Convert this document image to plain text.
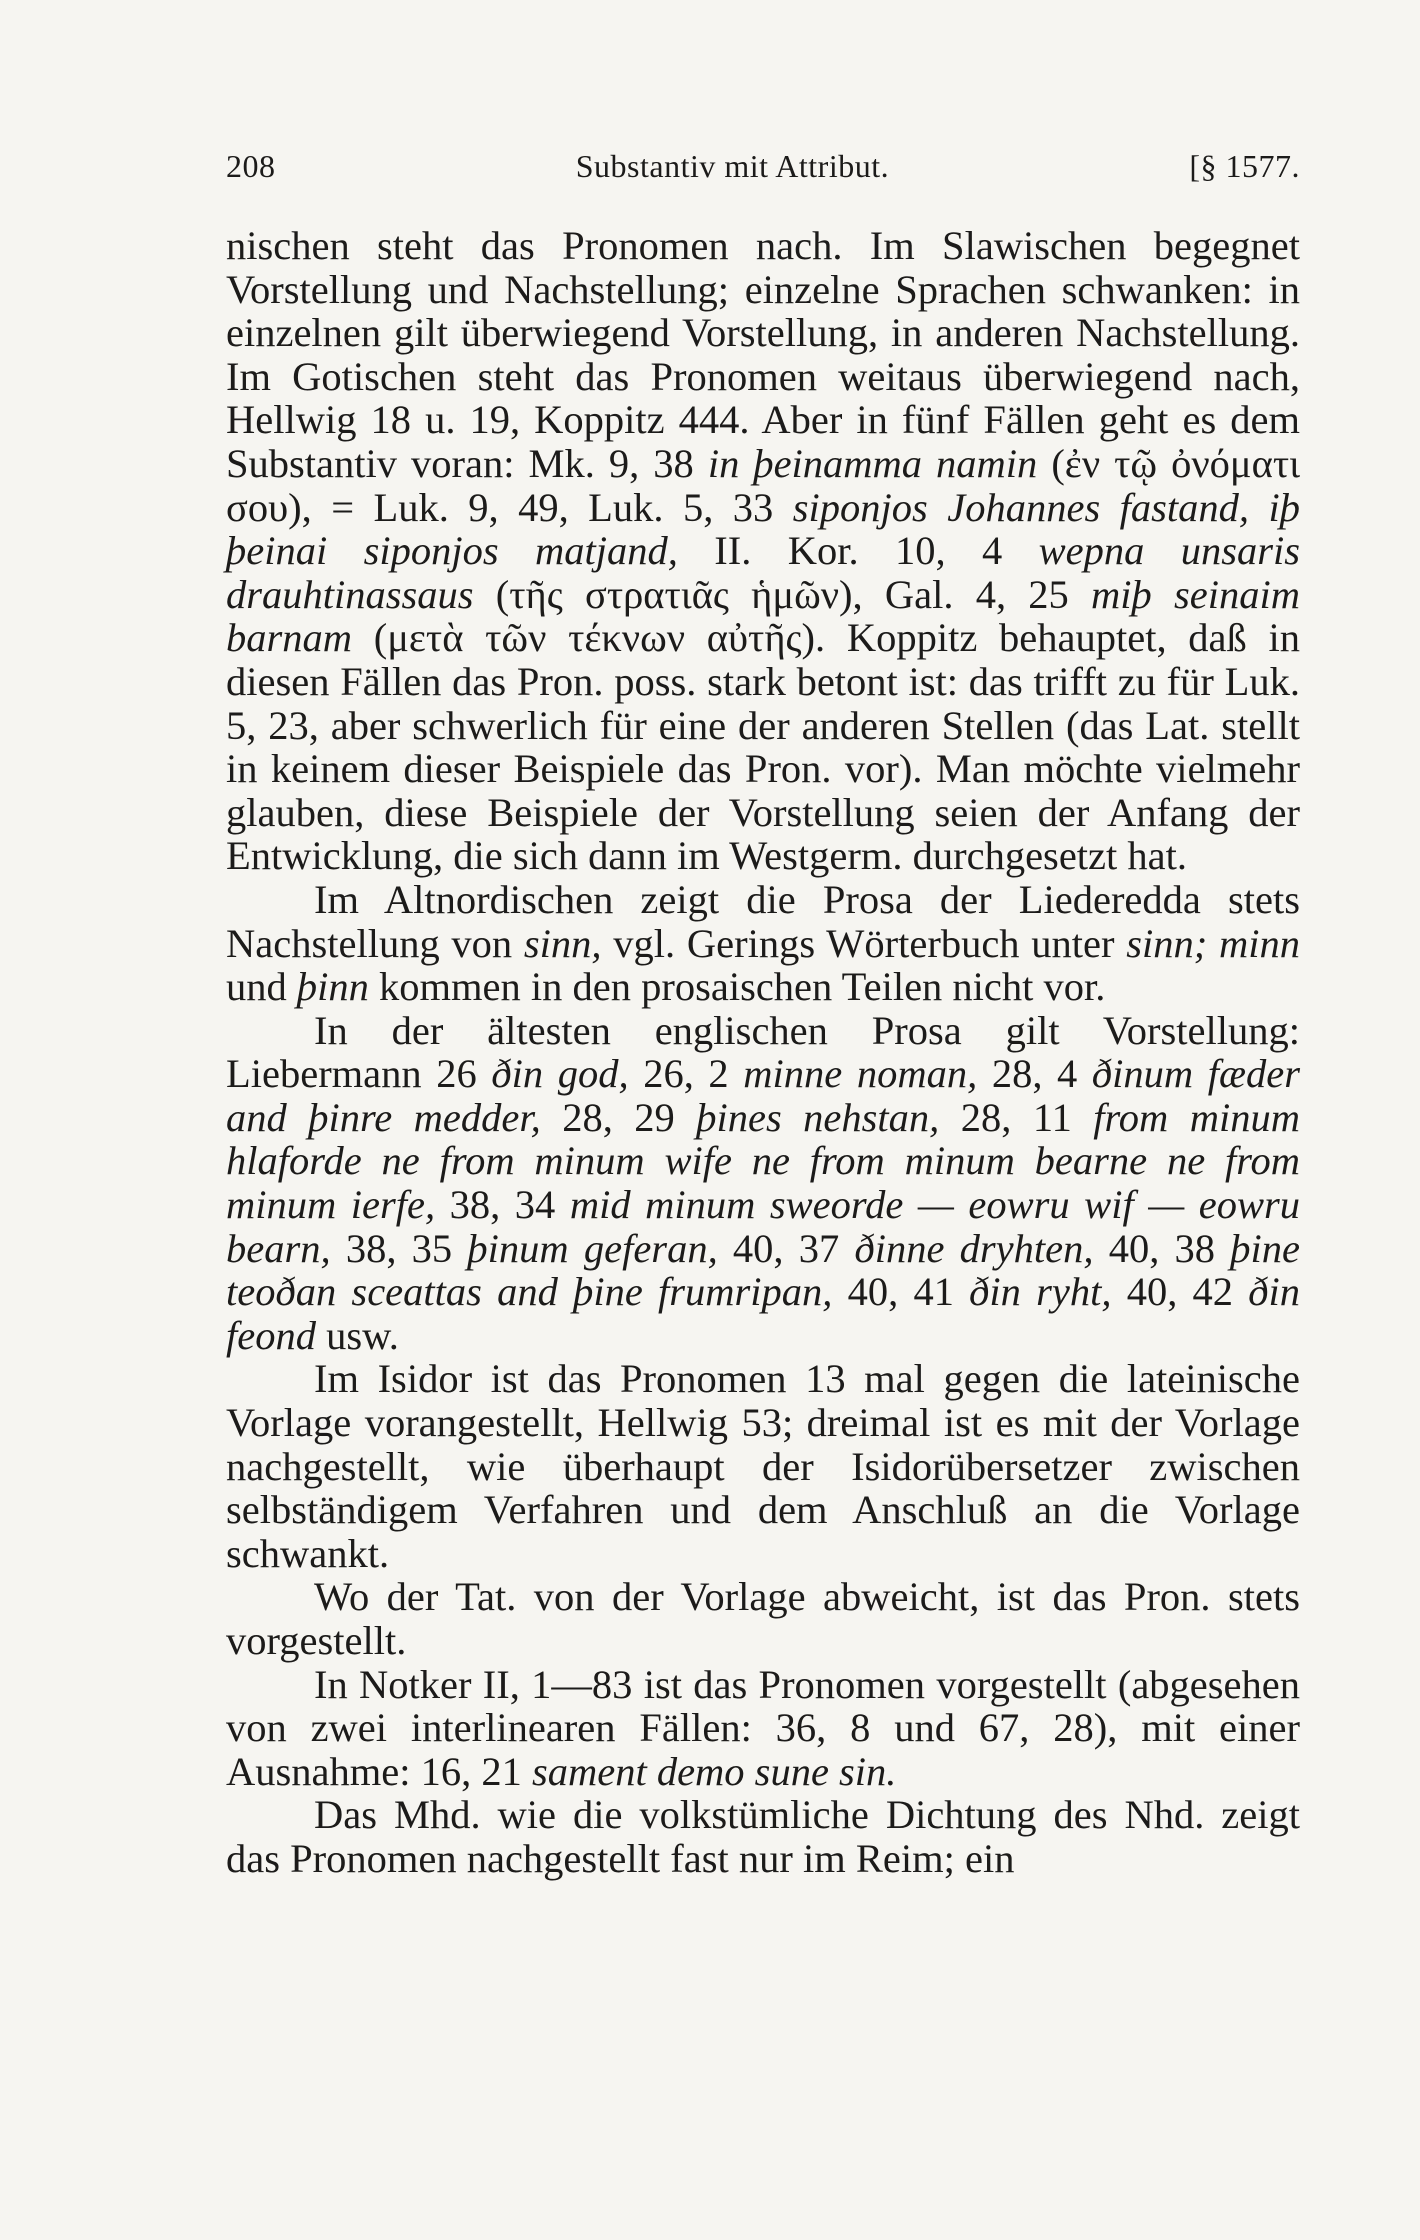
208	Substantiv mit Attribut.	[§ 1577.

nischen steht das Pronomen nach. Im Slawischen begegnet Vorstellung und Nachstellung; einzelne Sprachen schwanken: in einzelnen gilt überwiegend Vorstellung, in anderen Nachstellung. Im Gotischen steht das Pronomen weitaus überwiegend nach, Hellwig 18 u. 19, Koppitz 444. Aber in fünf Fällen geht es dem Substantiv voran: Mk. 9, 38 in þeinamma namin (ἐν τῷ ὀνόματι σου), = Luk. 9, 49, Luk. 5, 33 siponjos Johannes fastand, iþ þeinai siponjos matjand, II. Kor. 10, 4 wepna unsaris drauhtinassaus (τῆς στρατιᾶς ἡμῶν), Gal. 4, 25 miþ seinaim barnam (μετὰ τῶν τέκνων αὐτῆς). Koppitz behauptet, daß in diesen Fällen das Pron. poss. stark betont ist: das trifft zu für Luk. 5, 23, aber schwerlich für eine der anderen Stellen (das Lat. stellt in keinem dieser Beispiele das Pron. vor). Man möchte vielmehr glauben, diese Beispiele der Vorstellung seien der Anfang der Entwicklung, die sich dann im Westgerm. durchgesetzt hat.

Im Altnordischen zeigt die Prosa der Liederedda stets Nachstellung von sinn, vgl. Gerings Wörterbuch unter sinn; minn und þinn kommen in den prosaischen Teilen nicht vor.

In der ältesten englischen Prosa gilt Vorstellung: Liebermann 26 ðin god, 26, 2 minne noman, 28, 4 ðinum fæder and þinre medder, 28, 29 þines nehstan, 28, 11 from minum hlaforde ne from minum wife ne from minum bearne ne from minum ierfe, 38, 34 mid minum sweorde — eowru wif — eowru bearn, 38, 35 þinum geferan, 40, 37 ðinne dryhten, 40, 38 þine teoðan sceattas and þine frumripan, 40, 41 ðin ryht, 40, 42 ðin feond usw.

Im Isidor ist das Pronomen 13 mal gegen die lateinische Vorlage vorangestellt, Hellwig 53; dreimal ist es mit der Vorlage nachgestellt, wie überhaupt der Isidorübersetzer zwischen selbständigem Verfahren und dem Anschluß an die Vorlage schwankt.

Wo der Tat. von der Vorlage abweicht, ist das Pron. stets vorgestellt.

In Notker II, 1—83 ist das Pronomen vorgestellt (abgesehen von zwei interlinearen Fällen: 36, 8 und 67, 28), mit einer Ausnahme: 16, 21 sament demo sune sin.

Das Mhd. wie die volkstümliche Dichtung des Nhd. zeigt das Pronomen nachgestellt fast nur im Reim; ein
